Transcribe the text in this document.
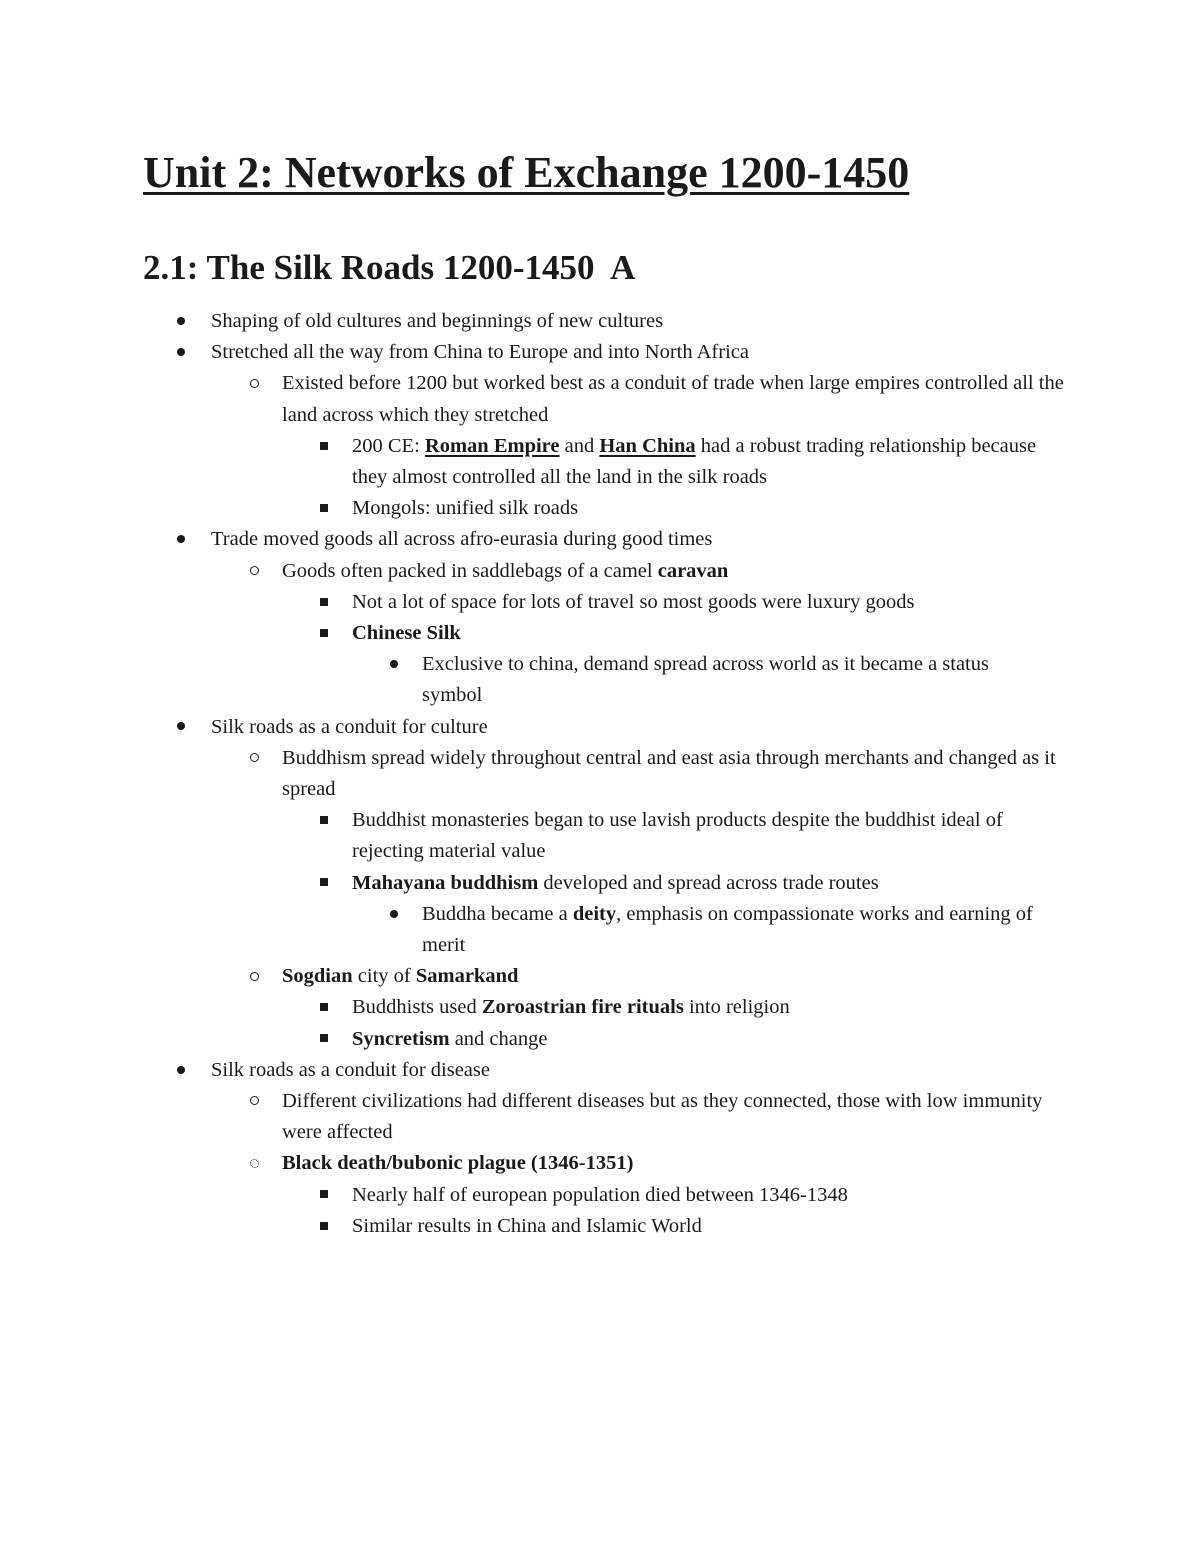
Unit 2: Networks of Exchange 1200-1450
2.1: The Silk Roads 1200-1450  A
Shaping of old cultures and beginnings of new cultures
Stretched all the way from China to Europe and into North Africa
Existed before 1200 but worked best as a conduit of trade when large empires controlled all the land across which they stretched
200 CE: Roman Empire and Han China had a robust trading relationship because they almost controlled all the land in the silk roads
Mongols: unified silk roads
Trade moved goods all across afro-eurasia during good times
Goods often packed in saddlebags of a camel caravan
Not a lot of space for lots of travel so most goods were luxury goods
Chinese Silk
Exclusive to china, demand spread across world as it became a status symbol
Silk roads as a conduit for culture
Buddhism spread widely throughout central and east asia through merchants and changed as it spread
Buddhist monasteries began to use lavish products despite the buddhist ideal of rejecting material value
Mahayana buddhism developed and spread across trade routes
Buddha became a deity, emphasis on compassionate works and earning of merit
Sogdian city of Samarkand
Buddhists used Zoroastrian fire rituals into religion
Syncretism and change
Silk roads as a conduit for disease
Different civilizations had different diseases but as they connected, those with low immunity were affected
Black death/bubonic plague (1346-1351)
Nearly half of european population died between 1346-1348
Similar results in China and Islamic World
